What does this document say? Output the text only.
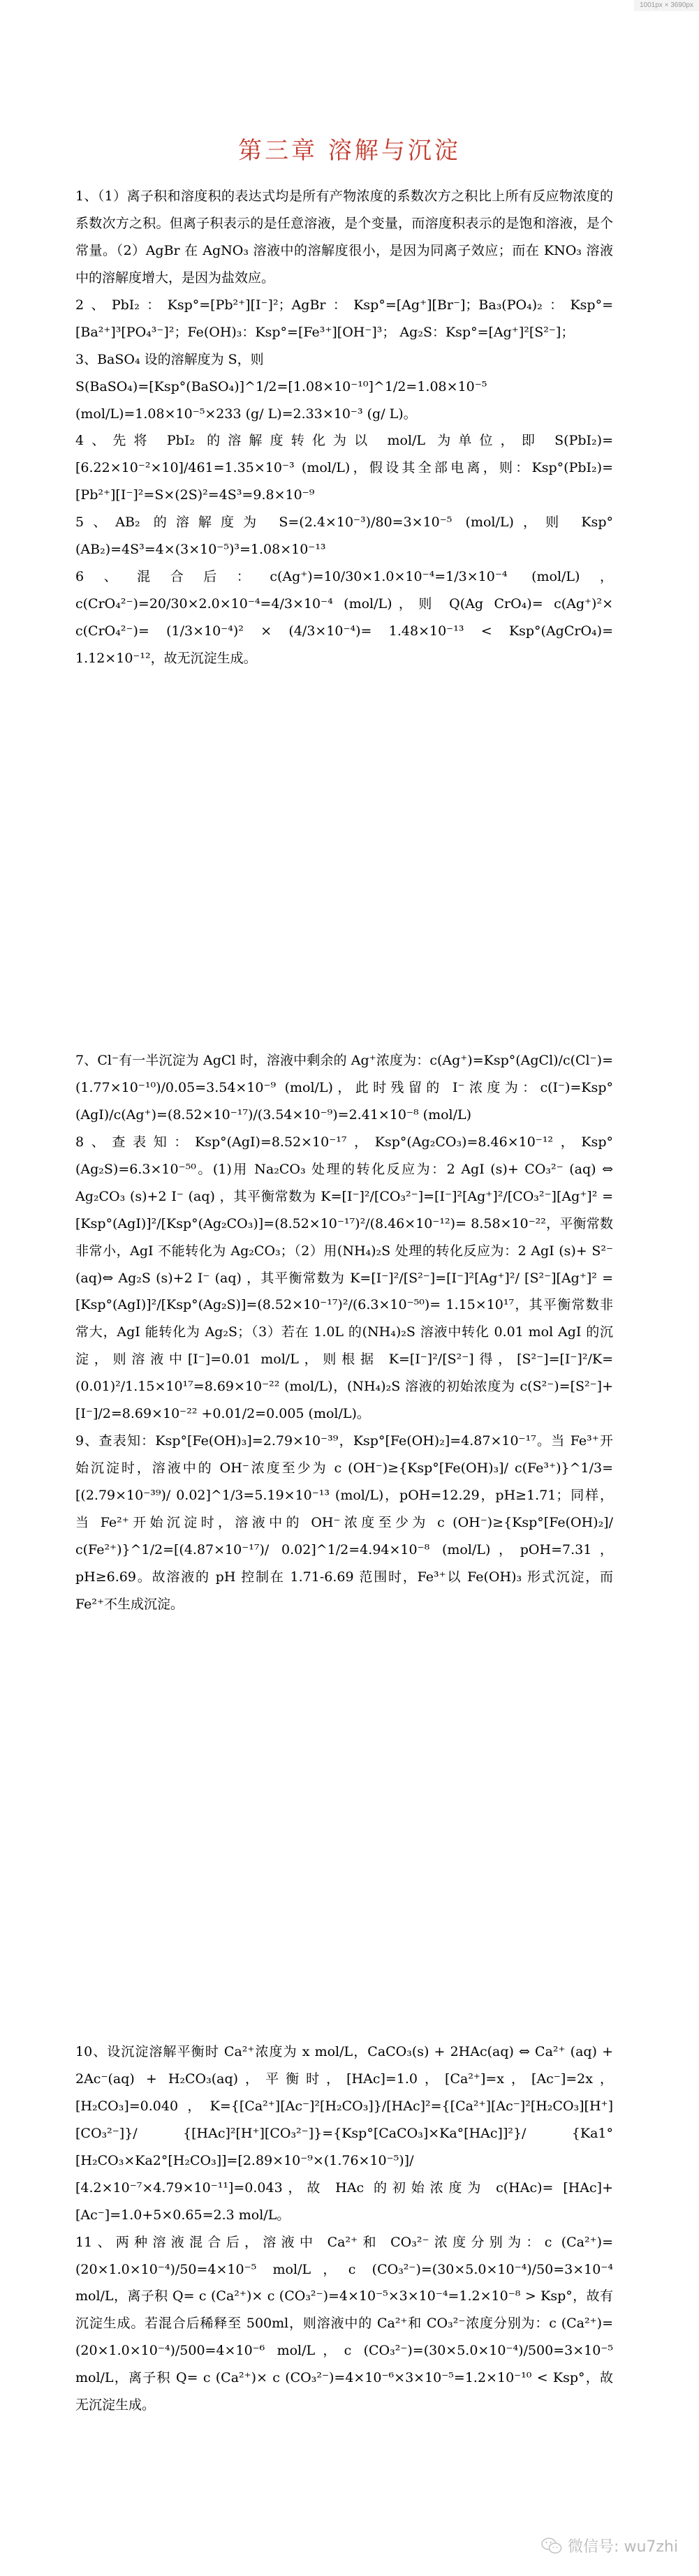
1001px × 3690px
第三章 溶解与沉淀

1、（1）离子积和溶度积的表达式均是所有产物浓度的系数次方之积比上所有反应物浓度的系数次方之积。但离子积表示的是任意溶液，是个变量，而溶度积表示的是饱和溶液，是个常量。（2）AgBr 在 AgNO₃ 溶液中的溶解度很小，是因为同离子效应；而在 KNO₃ 溶液中的溶解度增大，是因为盐效应。

2、PbI₂：Ksp°=[Pb²⁺][I⁻]²；AgBr：Ksp°=[Ag⁺][Br⁻]；Ba₃(PO₄)₂：Ksp°=[Ba²⁺]³[PO₄³⁻]²；Fe(OH)₃：Ksp°=[Fe³⁺][OH⁻]³； Ag₂S：Ksp°=[Ag⁺]²[S²⁻]；

3、BaSO₄ 设的溶解度为 S，则

S(BaSO₄)=[Ksp°(BaSO₄)]^1/2=[1.08×10⁻¹⁰]^1/2=1.08×10⁻⁵ (mol/L)=1.08×10⁻⁵×233 (g/ L)=2.33×10⁻³ (g/ L)。

4、先将 PbI₂ 的溶解度转化为以 mol/L 为单位，即 S(PbI₂)=[6.22×10⁻²×10]/461=1.35×10⁻³ (mol/L)，假设其全部电离，则：Ksp°(PbI₂)=[Pb²⁺][I⁻]²=S×(2S)²=4S³=9.8×10⁻⁹

5、AB₂ 的溶解度为 S=(2.4×10⁻³)/80=3×10⁻⁵ (mol/L)，则 Ksp°(AB₂)=4S³=4×(3×10⁻⁵)³=1.08×10⁻¹³

6、混合后：c(Ag⁺)=10/30×1.0×10⁻⁴=1/3×10⁻⁴ (mol/L)，c(CrO₄²⁻)=20/30×2.0×10⁻⁴=4/3×10⁻⁴ (mol/L)，则 Q(Ag CrO₄)= c(Ag⁺)²× c(CrO₄²⁻)= (1/3×10⁻⁴)² × (4/3×10⁻⁴)= 1.48×10⁻¹³ < Ksp°(AgCrO₄)= 1.12×10⁻¹²，故无沉淀生成。

7、Cl⁻有一半沉淀为 AgCl 时，溶液中剩余的 Ag⁺浓度为：c(Ag⁺)=Ksp°(AgCl)/c(Cl⁻)=(1.77×10⁻¹⁰)/0.05=3.54×10⁻⁹ (mol/L)，此时残留的 I⁻浓度为：c(I⁻)=Ksp°(AgI)/c(Ag⁺)=(8.52×10⁻¹⁷)/(3.54×10⁻⁹)=2.41×10⁻⁸ (mol/L)

8、查表知：Ksp°(AgI)=8.52×10⁻¹⁷，Ksp°(Ag₂CO₃)=8.46×10⁻¹²，Ksp°(Ag₂S)=6.3×10⁻⁵⁰。(1)用 Na₂CO₃ 处理的转化反应为：2 AgI (s)+ CO₃²⁻ (aq) ⇔ Ag₂CO₃ (s)+2 I⁻ (aq) ，其平衡常数为 K=[I⁻]²/[CO₃²⁻]=[I⁻]²[Ag⁺]²/[CO₃²⁻][Ag⁺]² = [Ksp°(AgI)]²/[Ksp°(Ag₂CO₃)]=(8.52×10⁻¹⁷)²/(8.46×10⁻¹²)= 8.58×10⁻²²，平衡常数非常小，AgI 不能转化为 Ag₂CO₃；（2）用(NH₄)₂S 处理的转化反应为：2 AgI (s)+ S²⁻ (aq)⇔ Ag₂S (s)+2 I⁻ (aq) ，其平衡常数为 K=[I⁻]²/[S²⁻]=[I⁻]²[Ag⁺]²/ [S²⁻][Ag⁺]² = [Ksp°(AgI)]²/[Ksp°(Ag₂S)]=(8.52×10⁻¹⁷)²/(6.3×10⁻⁵⁰)= 1.15×10¹⁷，其平衡常数非常大，AgI 能转化为 Ag₂S；（3）若在 1.0L 的(NH₄)₂S 溶液中转化 0.01 mol AgI 的沉淀，则溶液中[I⁻]=0.01 mol/L，则根据 K=[I⁻]²/[S²⁻]得，[S²⁻]=[I⁻]²/K=(0.01)²/1.15×10¹⁷=8.69×10⁻²² (mol/L)，(NH₄)₂S 溶液的初始浓度为 c(S²⁻)=[S²⁻]+[I⁻]/2=8.69×10⁻²² +0.01/2=0.005 (mol/L)。

9、查表知：Ksp°[Fe(OH)₃]=2.79×10⁻³⁹，Ksp°[Fe(OH)₂]=4.87×10⁻¹⁷。当 Fe³⁺开始沉淀时，溶液中的 OH⁻浓度至少为 c (OH⁻)≥{Ksp°[Fe(OH)₃]/ c(Fe³⁺)}^1/3=[(2.79×10⁻³⁹)/ 0.02]^1/3=5.19×10⁻¹³ (mol/L)，pOH=12.29，pH≥1.71；同样，当 Fe²⁺开始沉淀时，溶液中的 OH⁻浓度至少为 c (OH⁻)≥{Ksp°[Fe(OH)₂]/ c(Fe²⁺)}^1/2=[(4.87×10⁻¹⁷)/ 0.02]^1/2=4.94×10⁻⁸ (mol/L)，pOH=7.31，pH≥6.69。故溶液的 pH 控制在 1.71-6.69 范围时，Fe³⁺以 Fe(OH)₃ 形式沉淀，而 Fe²⁺不生成沉淀。

10、设沉淀溶解平衡时 Ca²⁺浓度为 x mol/L，CaCO₃(s) + 2HAc(aq) ⇔ Ca²⁺ (aq) + 2Ac⁻(aq) + H₂CO₃(aq)，平衡时，[HAc]=1.0，[Ca²⁺]=x，[Ac⁻]=2x，[H₂CO₃]=0.040，K={[Ca²⁺][Ac⁻]²[H₂CO₃]}/[HAc]²={[Ca²⁺][Ac⁻]²[H₂CO₃][H⁺][CO₃²⁻]}/ {[HAc]²[H⁺][CO₃²⁻]}={Ksp°[CaCO₃]×Ka°[HAc]]²}/ {Ka1°[H₂CO₃×Ka2°[H₂CO₃]]=[2.89×10⁻⁹×(1.76×10⁻⁵)]/ [4.2×10⁻⁷×4.79×10⁻¹¹]=0.043，故 HAc 的初始浓度为 c(HAc)= [HAc]+ [Ac⁻]=1.0+5×0.65=2.3 mol/L。

11、两种溶液混合后，溶液中 Ca²⁺和 CO₃²⁻浓度分别为：c (Ca²⁺)=(20×1.0×10⁻⁴)/50=4×10⁻⁵ mol/L，c (CO₃²⁻)=(30×5.0×10⁻⁴)/50=3×10⁻⁴ mol/L，离子积 Q= c (Ca²⁺)× c (CO₃²⁻)=4×10⁻⁵×3×10⁻⁴=1.2×10⁻⁸ > Ksp°，故有沉淀生成。若混合后稀释至 500ml，则溶液中的 Ca²⁺和 CO₃²⁻浓度分别为：c (Ca²⁺)=(20×1.0×10⁻⁴)/500=4×10⁻⁶ mol/L，c (CO₃²⁻)=(30×5.0×10⁻⁴)/500=3×10⁻⁵ mol/L，离子积 Q= c (Ca²⁺)× c (CO₃²⁻)=4×10⁻⁶×3×10⁻⁵=1.2×10⁻¹⁰ < Ksp°，故无沉淀生成。

微信号: wu7zhi
